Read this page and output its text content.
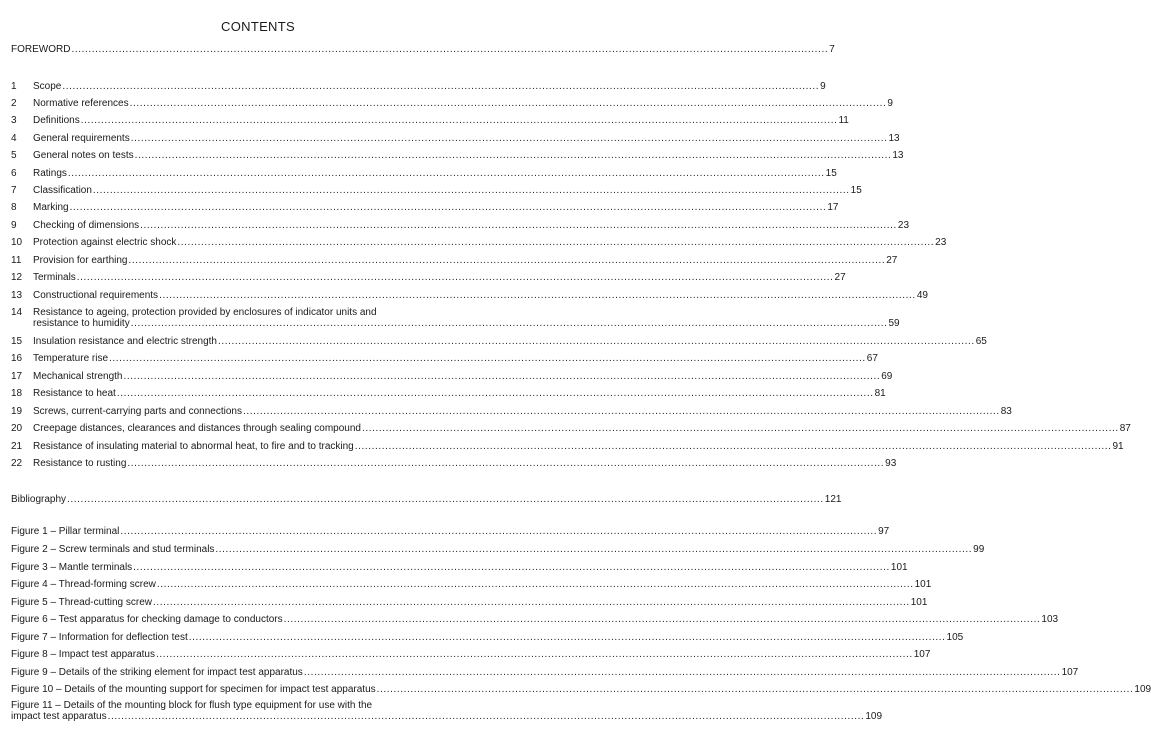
CONTENTS
FOREWORD .....	7
1	Scope .....	9
2	Normative references .....	9
3	Definitions .....	11
4	General requirements .....	13
5	General notes on tests .....	13
6	Ratings .....	15
7	Classification .....	15
8	Marking .....	17
9	Checking of dimensions .....	23
10	Protection against electric shock .....	23
11	Provision for earthing .....	27
12	Terminals .....	27
13	Constructional requirements .....	49
14	Resistance to ageing, protection provided by enclosures of indicator units and
resistance to humidity ................................................................................................................................................................................................................................ 59
15	Insulation resistance and electric strength .....	65
16	Temperature rise .....	67
17	Mechanical strength .....	69
18	Resistance to heat .....	81
19	Screws, current-carrying parts and connections .....	83
20	Creepage distances, clearances and distances through sealing compound .....	87
21	Resistance of insulating material to abnormal heat, to fire and to tracking .....	91
22	Resistance to rusting .....	93
Bibliography .....	121
Figure 1 – Pillar terminal .....	97
Figure 2 – Screw terminals and stud terminals .....	99
Figure 3 – Mantle terminals .....	101
Figure 4 – Thread-forming screw .....	101
Figure 5 – Thread-cutting screw .....	101
Figure 6 – Test apparatus for checking damage to conductors .....	103
Figure 7 – Information for deflection test .....	105
Figure 8 – Impact test apparatus .....	107
Figure 9 – Details of the striking element for impact test apparatus .....	107
Figure 10 – Details of the mounting support for specimen for impact test apparatus .....	109
Figure 11 – Details of the mounting block for flush type equipment for use with the
impact test apparatus ................................................................................................................................................................................................................................ 109
